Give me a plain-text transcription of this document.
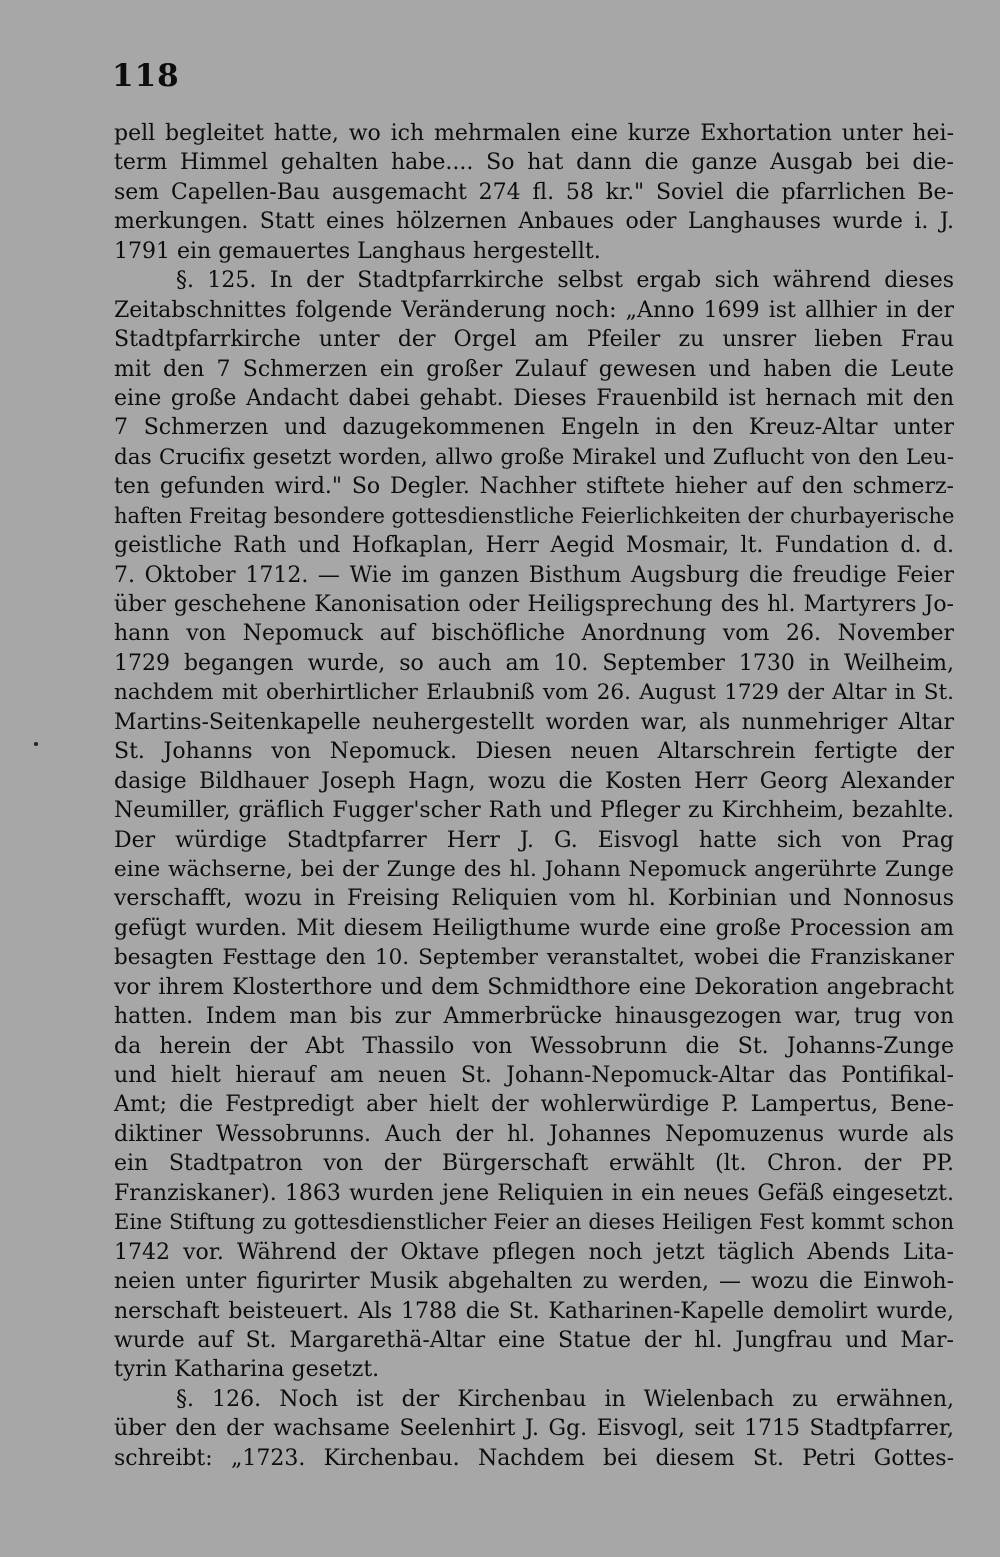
118
pell begleitet hatte, wo ich mehrmalen eine kurze Exhortation unter hei-
term Himmel gehalten habe.... So hat dann die ganze Ausgab bei die-
sem Capellen-Bau ausgemacht 274 fl. 58 kr." Soviel die pfarrlichen Be-
merkungen. Statt eines hölzernen Anbaues oder Langhauses wurde i. J.
1791 ein gemauertes Langhaus hergestellt.
§. 125. In der Stadtpfarrkirche selbst ergab sich während dieses
Zeitabschnittes folgende Veränderung noch: „Anno 1699 ist allhier in der
Stadtpfarrkirche unter der Orgel am Pfeiler zu unsrer lieben Frau
mit den 7 Schmerzen ein großer Zulauf gewesen und haben die Leute
eine große Andacht dabei gehabt. Dieses Frauenbild ist hernach mit den
7 Schmerzen und dazugekommenen Engeln in den Kreuz-Altar unter
das Crucifix gesetzt worden, allwo große Mirakel und Zuflucht von den Leu-
ten gefunden wird." So Degler. Nachher stiftete hieher auf den schmerz-
haften Freitag besondere gottesdienstliche Feierlichkeiten der churbayerische
geistliche Rath und Hofkaplan, Herr Aegid Mosmair, lt. Fundation d. d.
7. Oktober 1712. — Wie im ganzen Bisthum Augsburg die freudige Feier
über geschehene Kanonisation oder Heiligsprechung des hl. Martyrers Jo-
hann von Nepomuck auf bischöfliche Anordnung vom 26. November
1729 begangen wurde, so auch am 10. September 1730 in Weilheim,
nachdem mit oberhirtlicher Erlaubniß vom 26. August 1729 der Altar in St.
Martins-Seitenkapelle neuhergestellt worden war, als nunmehriger Altar
St. Johanns von Nepomuck. Diesen neuen Altarschrein fertigte der
dasige Bildhauer Joseph Hagn, wozu die Kosten Herr Georg Alexander
Neumiller, gräflich Fugger'scher Rath und Pfleger zu Kirchheim, bezahlte.
Der würdige Stadtpfarrer Herr J. G. Eisvogl hatte sich von Prag
eine wächserne, bei der Zunge des hl. Johann Nepomuck angerührte Zunge
verschafft, wozu in Freising Reliquien vom hl. Korbinian und Nonnosus
gefügt wurden. Mit diesem Heiligthume wurde eine große Procession am
besagten Festtage den 10. September veranstaltet, wobei die Franziskaner
vor ihrem Klosterthore und dem Schmidthore eine Dekoration angebracht
hatten. Indem man bis zur Ammerbrücke hinausgezogen war, trug von
da herein der Abt Thassilo von Wessobrunn die St. Johanns-Zunge
und hielt hierauf am neuen St. Johann-Nepomuck-Altar das Pontifikal-
Amt; die Festpredigt aber hielt der wohlerwürdige P. Lampertus, Bene-
diktiner Wessobrunns. Auch der hl. Johannes Nepomuzenus wurde als
ein Stadtpatron von der Bürgerschaft erwählt (lt. Chron. der PP.
Franziskaner). 1863 wurden jene Reliquien in ein neues Gefäß eingesetzt.
Eine Stiftung zu gottesdienstlicher Feier an dieses Heiligen Fest kommt schon
1742 vor. Während der Oktave pflegen noch jetzt täglich Abends Lita-
neien unter figurirter Musik abgehalten zu werden, — wozu die Einwoh-
nerschaft beisteuert. Als 1788 die St. Katharinen-Kapelle demolirt wurde,
wurde auf St. Margarethä-Altar eine Statue der hl. Jungfrau und Mar-
tyrin Katharina gesetzt.
§. 126. Noch ist der Kirchenbau in Wielenbach zu erwähnen,
über den der wachsame Seelenhirt J. Gg. Eisvogl, seit 1715 Stadtpfarrer,
schreibt: „1723. Kirchenbau. Nachdem bei diesem St. Petri Gottes-
